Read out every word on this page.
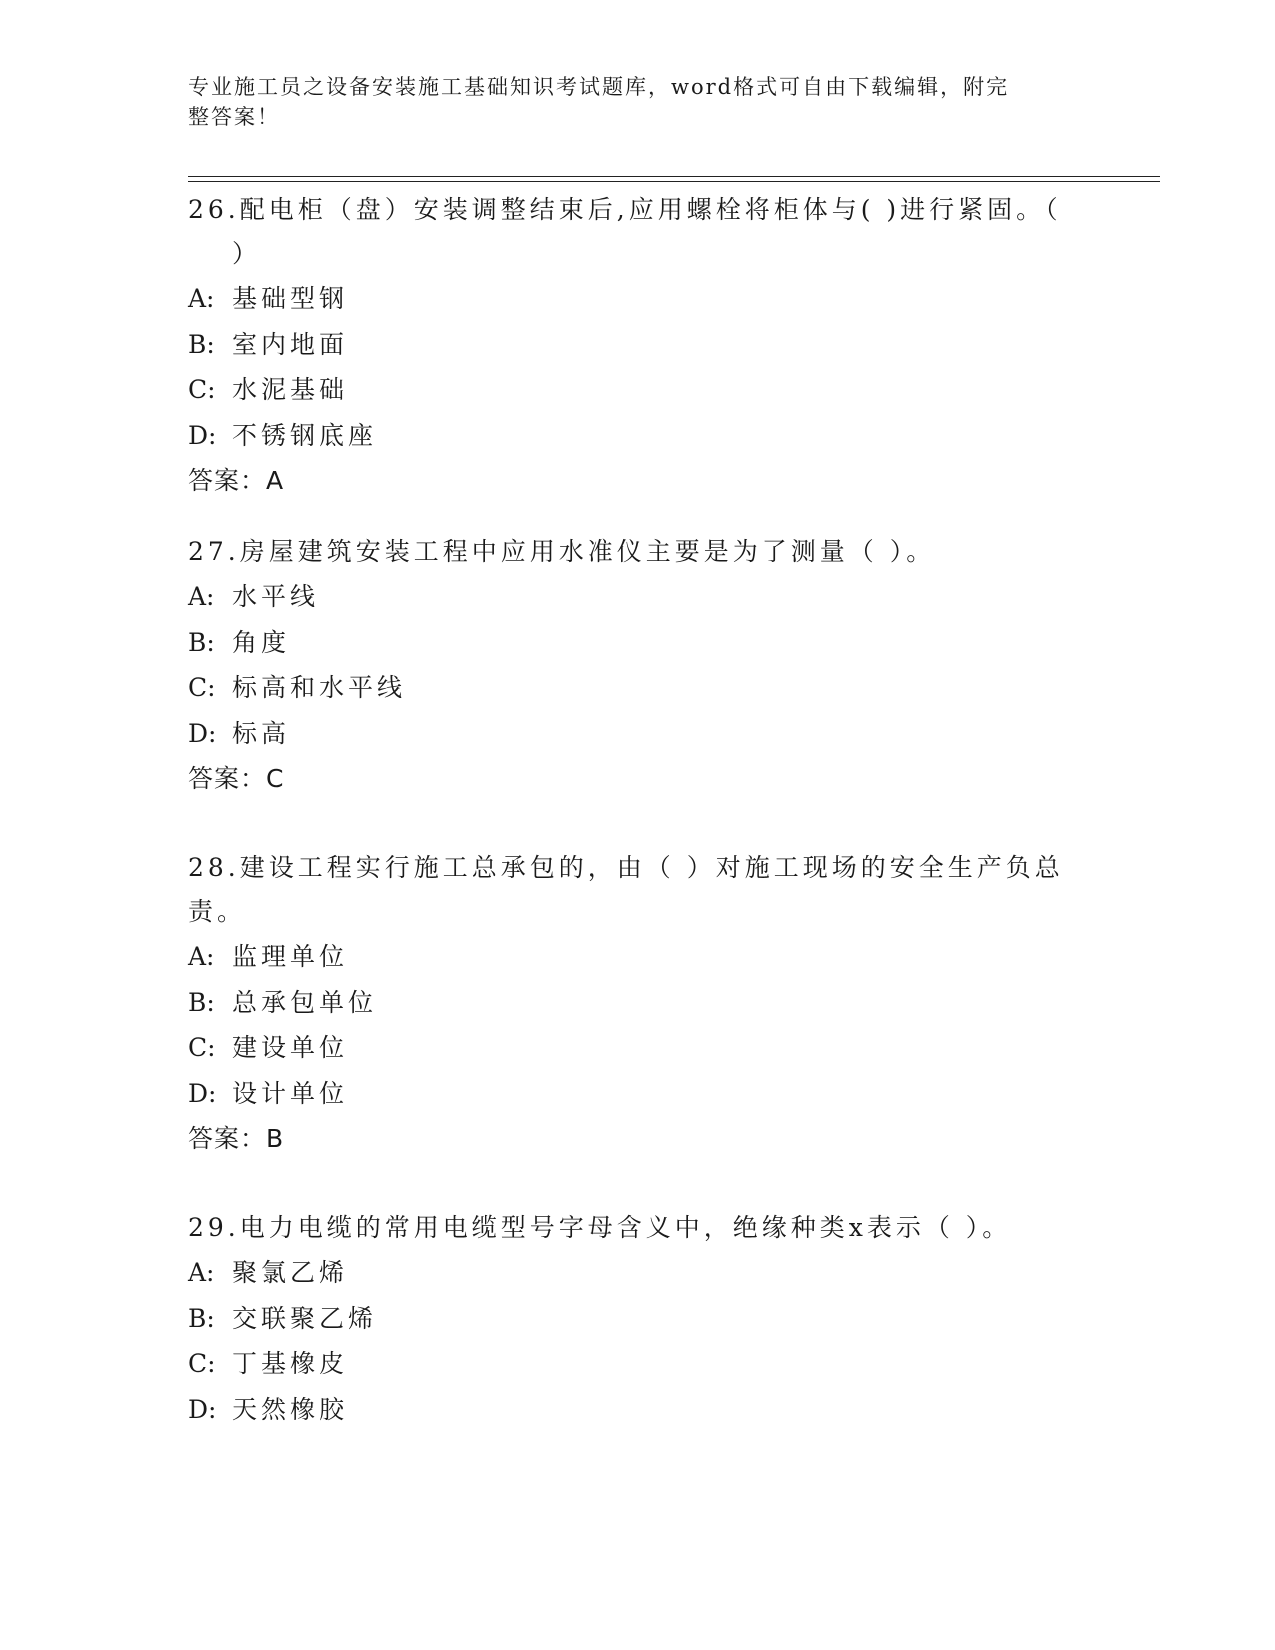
专业施工员之设备安装施工基础知识考试题库，word格式可自由下载编辑，附完
整答案！

26.配电柜（盘）安装调整结束后,应用螺栓将柜体与( )进行紧固。（
）

A: 基础型钢

B: 室内地面

C: 水泥基础

D: 不锈钢底座

答案：A

27.房屋建筑安装工程中应用水准仪主要是为了测量（ ）。

A: 水平线

B: 角度

C: 标高和水平线

D: 标高

答案：C

28.建设工程实行施工总承包的，由（ ）对施工现场的安全生产负总
责。

A: 监理单位

B: 总承包单位

C: 建设单位

D: 设计单位

答案：B

29.电力电缆的常用电缆型号字母含义中，绝缘种类x表示（ ）。

A: 聚氯乙烯

B: 交联聚乙烯

C: 丁基橡皮

D: 天然橡胶
